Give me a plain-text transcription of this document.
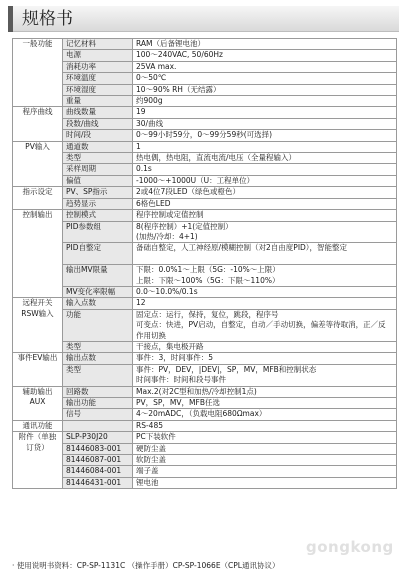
规格书
一般功能	记忆材料	RAM（后备锂电池）
	电源	100～240VAC, 50/60Hz
	消耗功率	25VA max.
	环境温度	0～50℃
	环境湿度	10～90% RH（无结露）
	重量	约900g
程序曲线	曲线数量	19
	段数/曲线	30/曲线
	时间/段	0～99小时59分，0～99分59秒(可选择)
PV输入	通道数	1
	类型	热电偶，热电阻，直流电流/电压（全量程输入）
	采样周期	0.1s
	偏值	-1000～+1000U（U：工程单位）
指示设定	PV、SP指示	2或4位7段LED（绿色或橙色）
	趋势显示	6格色LED
控制输出	控制模式	程序控制或定值控制
	PID参数组	8(程序控制）+1(定值控制）
(加热/冷却：4+1)
	PID自整定	备础自整定，人工神经原/模糊控制（对2自由度PID），智能整定
	输出MV限量	下限：0.0%1～上限（5G：-10%～上限）
上限：下限～100%（5G：下限～110%）
	MV变化率限幅	0.0～10.0%/0.1s
远程开关RSW输入	输入点数	12
	功能	固定点：运行，保持，复位，跳段，程序号
可变点：快进，PV启动，自整定，自动／手动切换，偏差等待取消，正／反作用切换
	类型	干接点，集电极开路
事件EV输出	输出点数	事件：3，时间事件：5
	类型	事件：PV，DEV，|DEV|，SP，MV，MFB和控制状态
时间事件：时间和段号事件
辅助输出AUX	回路数	Max.2(对2C型和加热/冷却控制1点)
	输出功能	PV，SP，MV，MFB任选
	信号	4～20mADC，（负载电阻680Ωmax）
通讯功能		RS-485
附件（单独订货）	SLP-P30J20	PC下装软件
	81446083-001	硬防尘盖
	81446087-001	软防尘盖
	81446084-001	端子盖
	81446431-001	锂电池
· 使用说明书资料：CP-SP-1131C （操作手册）CP-SP-1066E（CPL通讯协议）
gongkong
